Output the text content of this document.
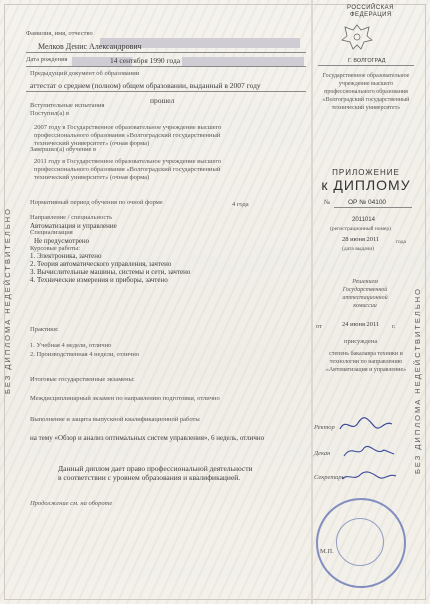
БЕЗ ДИПЛОМА НЕДЕЙСТВИТЕЛЬНО	БЕЗ ДИПЛОМА НЕДЕЙСТВИТЕЛЬНО
Фамилия, имя, отчество
Мелков Денис Александрович
Дата рождения	14 сентября 1990 года
Предыдущий документ об образовании
аттестат о среднем (полном) общем образовании, выданный в 2007 году
Вступительные испытания
прошел
Поступил(а) в
2007 году в Государственное образовательное учреждение высшего
профессионального образования «Волгоградский государственный
технический университет» (очная форма)
Завершил(а) обучение в
2011 году в Государственное образовательное учреждение высшего
профессионального образования «Волгоградский государственный
технический университет» (очная форма)
Нормативный период обучения по очной форме	4 года
Направление / специальность
Автоматизация и управление
Специализация
Не предусмотрено
Курсовые работы:
1. Электроника, зачтено
2. Теория автоматического управления, зачтено
3. Вычислительные машины, системы и сети, зачтено
4. Технические измерения и приборы, зачтено
Практики:
1. Учебная 4 недели, отлично
2. Производственная 4 недели, отлично
Итоговые государственные экзамены:
Междисциплинарный экзамен по направлению подготовки, отлично
Выполнение и защита выпускной квалификационной работы
на тему «Обзор и анализ оптимальных систем управления», 6 недель, отлично
Данный диплом дает право профессиональной деятельности
в соответствии с уровнем образования и квалификацией.
Продолжение см. на обороте
РОССИЙСКАЯ
ФЕДЕРАЦИЯ
Г. ВОЛГОГРАД
Государственное образовательное учреждение высшего профессионального образования «Волгоградский государственный технический университет»
ПРИЛОЖЕНИЕ
к ДИПЛОМУ
№	ОР № 04100
2011014
(регистрационный номер)
28 июня 2011	года
(дата выдачи)
Решением Государственной аттестационной комиссии
от	24 июня 2011 г.
присуждена
степень бакалавра техники и технологии по направлению «Автоматизация и управление»
Ректор
Декан
Секретарь
М.П.
